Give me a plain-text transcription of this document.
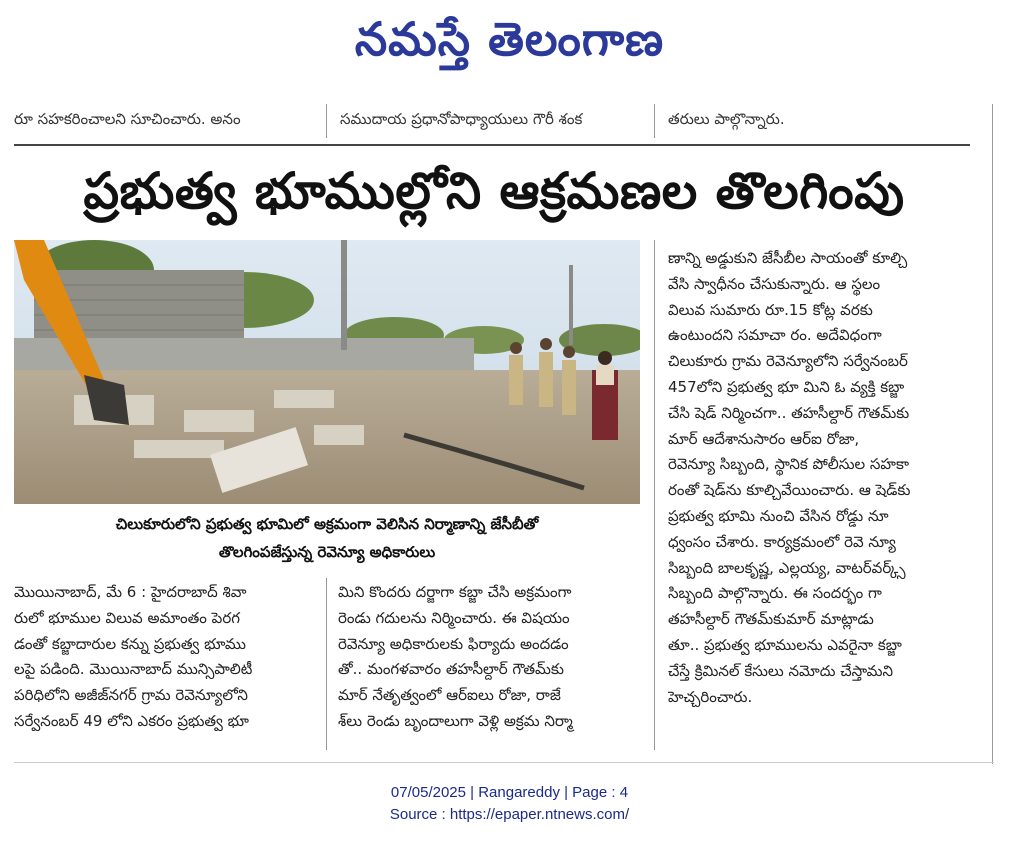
నమస్తే తెలంగాణ
రూ సహకరించాలని సూచించారు. అనం	సముదాయ ప్రధానోపాధ్యాయులు గౌరీ శంక	తరులు పాల్గొన్నారు.
ప్రభుత్వ భూముల్లోని ఆక్రమణల తొలగింపు
చిలుకూరులోని ప్రభుత్వ భూమిలో అక్రమంగా వెలిసిన నిర్మాణాన్ని జేసీబీతో
తొలగింపజేస్తున్న రెవెన్యూ అధికారులు
మొయినాబాద్, మే 6 : హైదరాబాద్ శివా
రులో భూముల విలువ అమాంతం పెరగ
డంతో కబ్జాదారుల కన్ను ప్రభుత్వ భూము
లపై పడింది. మొయినాబాద్ మున్సిపాలిటీ
పరిధిలోని అజీజ్‌నగర్ గ్రామ రెవెన్యూలోని
సర్వేనంబర్ 49 లోని ఎకరం ప్రభుత్వ భూ
మిని కొందరు దర్జాగా కబ్జా చేసి అక్రమంగా
రెండు గదులను నిర్మించారు. ఈ విషయం
రెవెన్యూ అధికారులకు ఫిర్యాదు అందడం
తో.. మంగళవారం తహసీల్దార్ గౌతమ్‌కు
మార్ నేతృత్వంలో ఆర్‌ఐలు రోజా, రాజే
శ్‌లు రెండు బృందాలుగా వెళ్లి అక్రమ నిర్మా
ణాన్ని అడ్డుకుని జేసీబీల సాయంతో కూల్చి
వేసి స్వాధీనం చేసుకున్నారు. ఆ స్థలం
విలువ సుమారు రూ.15 కోట్ల వరకు
ఉంటుందని సమాచా రం. అదేవిధంగా
చిలుకూరు గ్రామ రెవెన్యూలోని సర్వేనంబర్
457లోని ప్రభుత్వ భూ మిని ఓ వ్యక్తి కబ్జా
చేసి షెడ్ నిర్మించగా.. తహసీల్దార్ గౌతమ్‌కు
మార్ ఆదేశానుసారం ఆర్‌ఐ రోజా,
రెవెన్యూ సిబ్బంది, స్థానిక పోలీసుల సహకా
రంతో షెడ్‌ను కూల్చివేయించారు. ఆ షెడ్‌కు
ప్రభుత్వ భూమి నుంచి వేసిన రోడ్డు నూ
ధ్వంసం చేశారు. కార్యక్రమంలో రెవె న్యూ
సిబ్బంది బాలకృష్ణ, ఎల్లయ్య, వాటర్‌వర్క్స్
సిబ్బంది పాల్గొన్నారు. ఈ సందర్భం గా
తహసీల్దార్ గౌతమ్‌కుమార్ మాట్లాడు
తూ.. ప్రభుత్వ భూములను ఎవరైనా కబ్జా
చేస్తే క్రిమినల్ కేసులు నమోదు చేస్తామని
హెచ్చరించారు.
07/05/2025 | Rangareddy | Page : 4
Source : https://epaper.ntnews.com/
